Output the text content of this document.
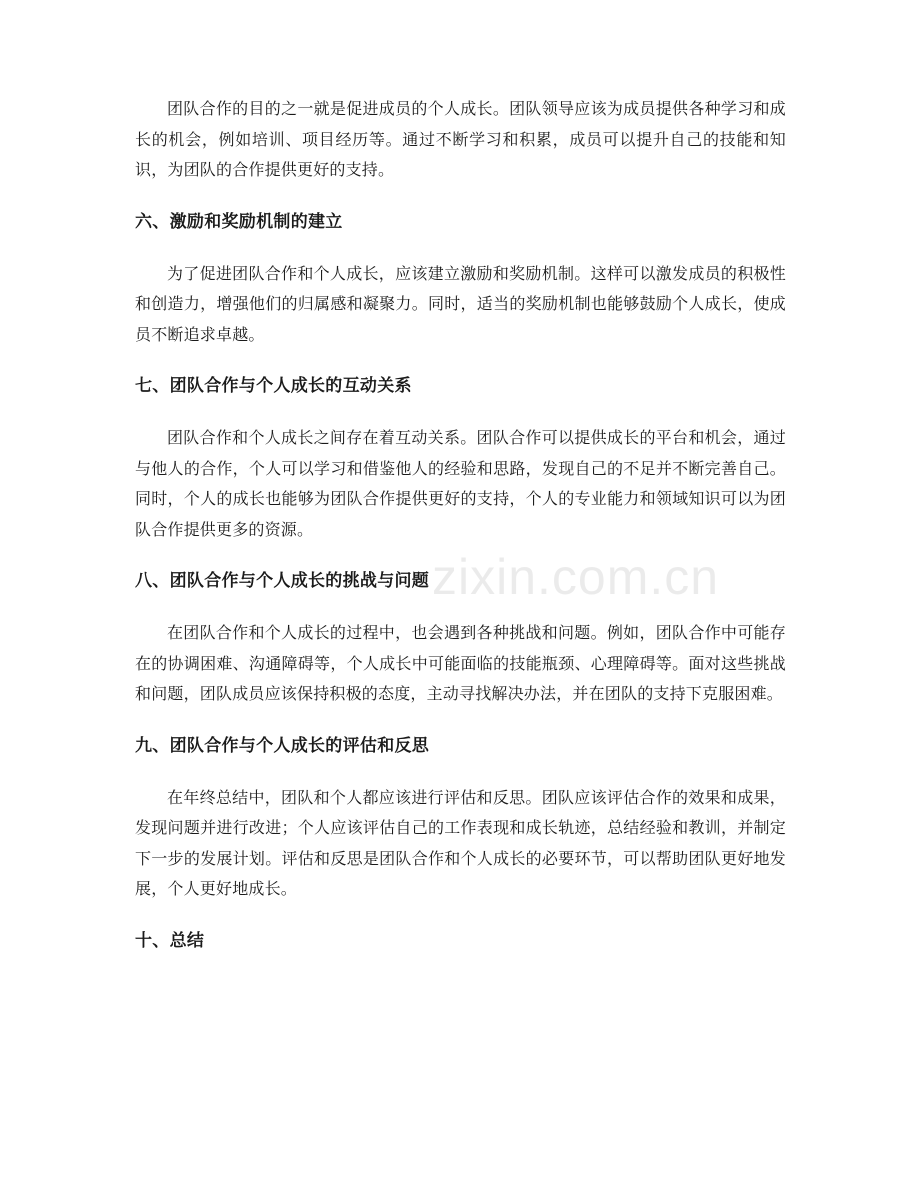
团队合作的目的之一就是促进成员的个人成长。团队领导应该为成员提供各种学习和成长的机会，例如培训、项目经历等。通过不断学习和积累，成员可以提升自己的技能和知识，为团队的合作提供更好的支持。

六、激励和奖励机制的建立

为了促进团队合作和个人成长，应该建立激励和奖励机制。这样可以激发成员的积极性和创造力，增强他们的归属感和凝聚力。同时，适当的奖励机制也能够鼓励个人成长，使成员不断追求卓越。

七、团队合作与个人成长的互动关系

团队合作和个人成长之间存在着互动关系。团队合作可以提供成长的平台和机会，通过与他人的合作，个人可以学习和借鉴他人的经验和思路，发现自己的不足并不断完善自己。同时，个人的成长也能够为团队合作提供更好的支持，个人的专业能力和领域知识可以为团队合作提供更多的资源。

八、团队合作与个人成长的挑战与问题

在团队合作和个人成长的过程中，也会遇到各种挑战和问题。例如，团队合作中可能存在的协调困难、沟通障碍等，个人成长中可能面临的技能瓶颈、心理障碍等。面对这些挑战和问题，团队成员应该保持积极的态度，主动寻找解决办法，并在团队的支持下克服困难。

九、团队合作与个人成长的评估和反思

在年终总结中，团队和个人都应该进行评估和反思。团队应该评估合作的效果和成果，发现问题并进行改进；个人应该评估自己的工作表现和成长轨迹，总结经验和教训，并制定下一步的发展计划。评估和反思是团队合作和个人成长的必要环节，可以帮助团队更好地发展，个人更好地成长。

十、总结
zixin.com.cn
